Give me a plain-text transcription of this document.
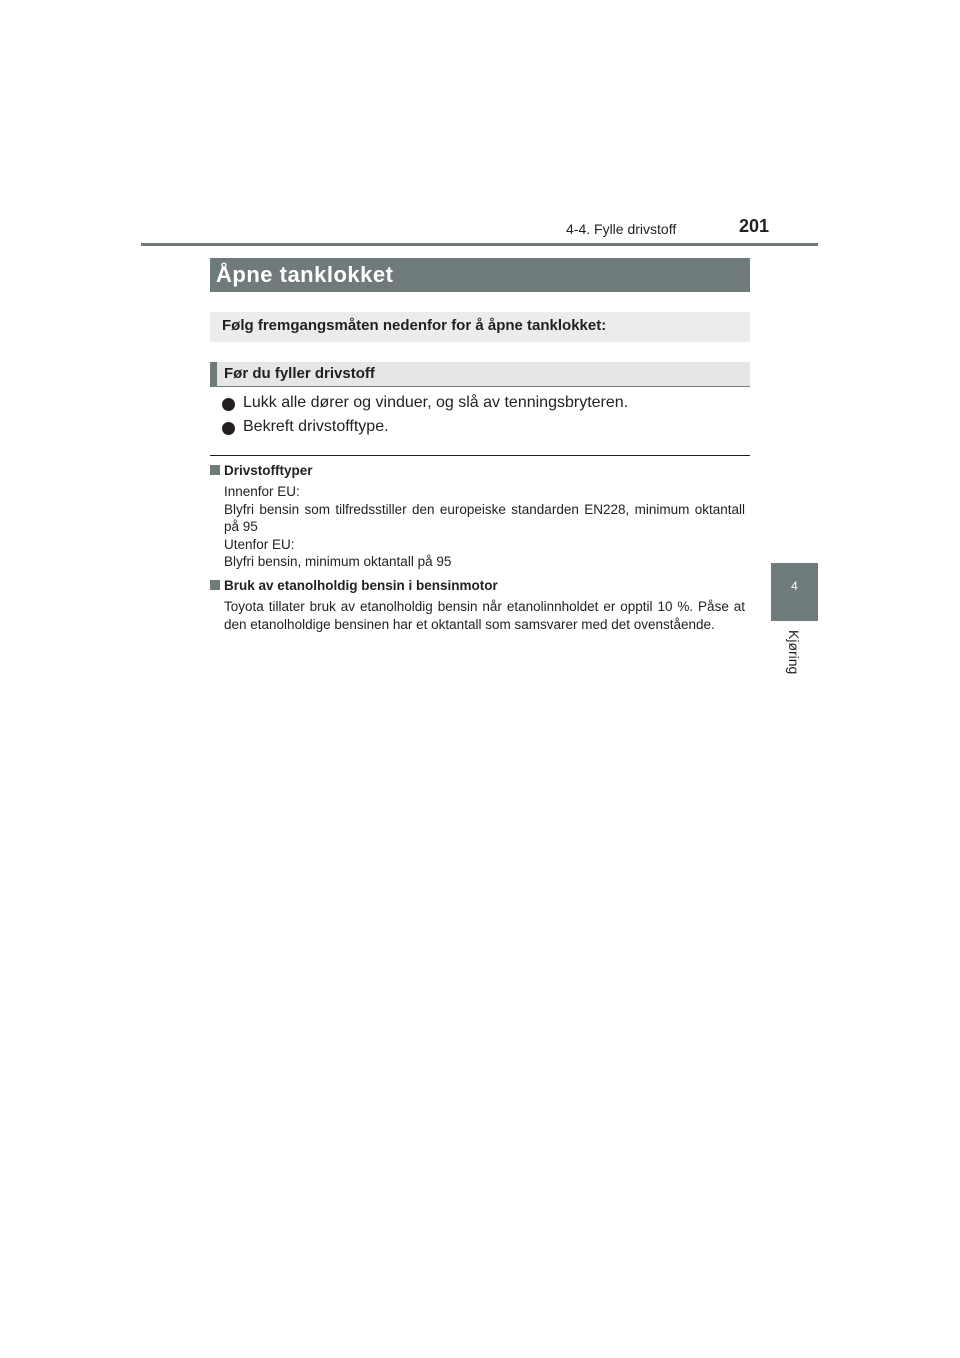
4-4. Fylle drivstoff	201
4
Kjøring
Åpne tanklokket
Følg fremgangsmåten nedenfor for å åpne tanklokket:
Før du fyller drivstoff
Lukk alle dører og vinduer, og slå av tenningsbryteren.
Bekreft drivstofftype.
Drivstofftyper
Innenfor EU:
Blyfri bensin som tilfredsstiller den europeiske standarden EN228, minimum oktantall på 95
Utenfor EU:
Blyfri bensin, minimum oktantall på 95
Bruk av etanolholdig bensin i bensinmotor
Toyota tillater bruk av etanolholdig bensin når etanolinnholdet er opptil 10 %. Påse at den etanolholdige bensinen har et oktantall som samsvarer med det ovenstående.
